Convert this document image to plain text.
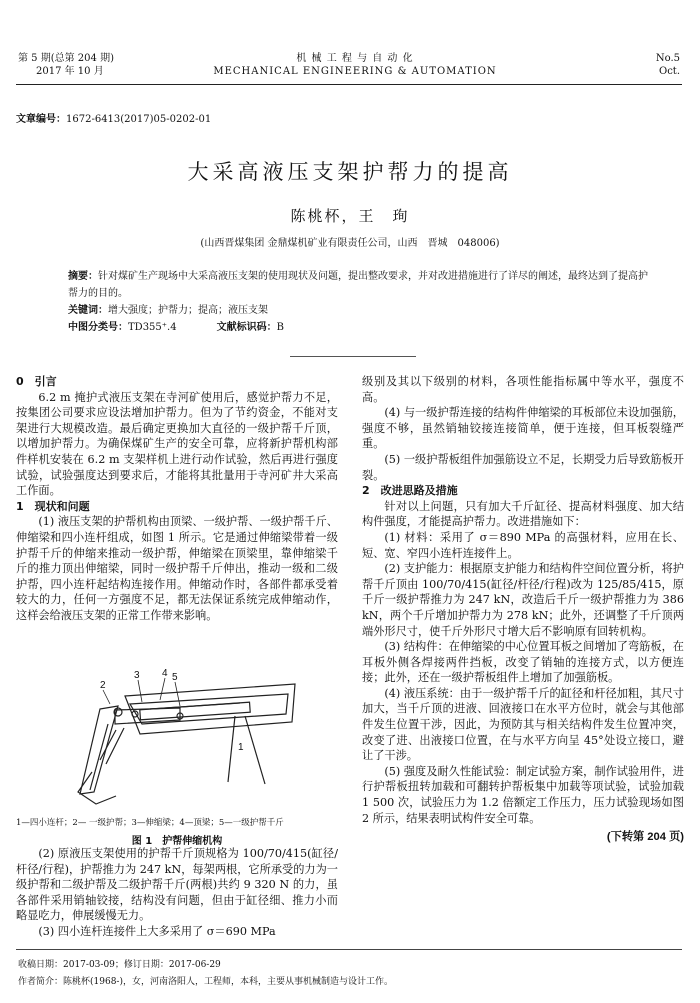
第 5 期(总第 204 期)
2017 年 10 月
机 械 工 程 与 自 动 化
MECHANICAL ENGINEERING & AUTOMATION
No.5
Oct.
文章编号：1672-6413(2017)05-0202-01
大采高液压支架护帮力的提高
陈桃杯，王　珣
(山西晋煤集团 金鼎煤机矿业有限责任公司，山西　晋城　048006)
摘要：针对煤矿生产现场中大采高液压支架的使用现状及问题，提出整改要求，并对改进措施进行了详尽的阐述，最终达到了提高护帮力的目的。
关键词：增大强度；护帮力；提高；液压支架
中图分类号：TD355⁺.4	文献标识码：B

0　引言

6.2 m 掩护式液压支架在寺河矿使用后，感觉护帮力不足，按集团公司要求应设法增加护帮力。但为了节约资金，不能对支架进行大规模改造。最后确定更换加大直径的一级护帮千斤顶，以增加护帮力。为确保煤矿生产的安全可靠，应将新护帮机构部件样机安装在 6.2 m 支架样机上进行动作试验，然后再进行强度试验，试验强度达到要求后，才能将其批量用于寺河矿井大采高工作面。

1　现状和问题

(1) 液压支架的护帮机构由顶梁、一级护帮、一级护帮千斤、伸缩梁和四小连杆组成，如图 1 所示。它是通过伸缩梁带着一级护帮千斤的伸缩来推动一级护帮，伸缩梁在顶梁里，靠伸缩梁千斤的推力顶出伸缩梁，同时一级护帮千斤伸出，推动一级和二级护帮，四小连杆起结构连接作用。伸缩动作时，各部件都承受着较大的力，任何一方强度不足，都无法保证系统完成伸缩动作，这样会给液压支架的正常工作带来影响。

1
2
3 4 5
1—四小连杆；2— 一级护帮；3—伸缩梁；4—顶梁；5—一级护帮千斤
图 1　护帮伸缩机构

(2) 原液压支架使用的护帮千斤顶规格为 100/70/415(缸径/杆径/行程)，护帮推力为 247 kN，每架两根，它所承受的力为一级护帮和二级护帮及二级护帮千斤(两根)共约 9 320 N 的力，虽各部件采用销轴铰接，结构没有问题，但由于缸径细、推力小而略显吃力，伸展缓慢无力。

(3) 四小连杆连接件上大多采用了 σ＝690 MPa

级别及其以下级别的材料，各项性能指标属中等水平，强度不高。

(4) 与一级护帮连接的结构件伸缩梁的耳板部位未设加强筋，强度不够，虽然销轴铰接连接简单，便于连接，但耳板裂缝严重。

(5) 一级护帮板组件加强筋设立不足，长期受力后导致筋板开裂。

2　改进思路及措施

针对以上问题，只有加大千斤缸径、提高材料强度、加大结构件强度，才能提高护帮力。改进措施如下：

(1) 材料：采用了 σ＝890 MPa 的高强材料，应用在长、短、宽、窄四小连杆连接件上。

(2) 支护能力：根据原支护能力和结构件空间位置分析，将护帮千斤顶由 100/70/415(缸径/杆径/行程)改为 125/85/415，原千斤一级护帮推力为 247 kN，改造后千斤一级护帮推力为 386 kN，两个千斤增加护帮力为 278 kN；此外，还调整了千斤顶两端外形尺寸，使千斤外形尺寸增大后不影响原有回转机构。

(3) 结构件：在伸缩梁的中心位置耳板之间增加了弯筋板，在耳板外侧各焊接两件挡板，改变了销轴的连接方式，以方便连接；此外，还在一级护帮板组件上增加了加强筋板。

(4) 液压系统：由于一级护帮千斤的缸径和杆径加粗，其尺寸加大，当千斤顶的进液、回液接口在水平方位时，就会与其他部件发生位置干涉，因此，为预防其与相关结构件发生位置冲突，改变了进、出液接口位置，在与水平方向呈 45°处设立接口，避让了干涉。

(5) 强度及耐久性能试验：制定试验方案，制作试验用件，进行护帮板扭转加载和可翻转护帮板集中加载等项试验，试验加载 1 500 次，试验压力为 1.2 倍额定工作压力，压力试验现场如图 2 所示，结果表明试构件安全可靠。

(下转第 204 页)
收稿日期：2017-03-09；修订日期：2017-06-29
作者简介：陈桃杯(1968-)，女，河南洛阳人，工程师，本科，主要从事机械制造与设计工作。
